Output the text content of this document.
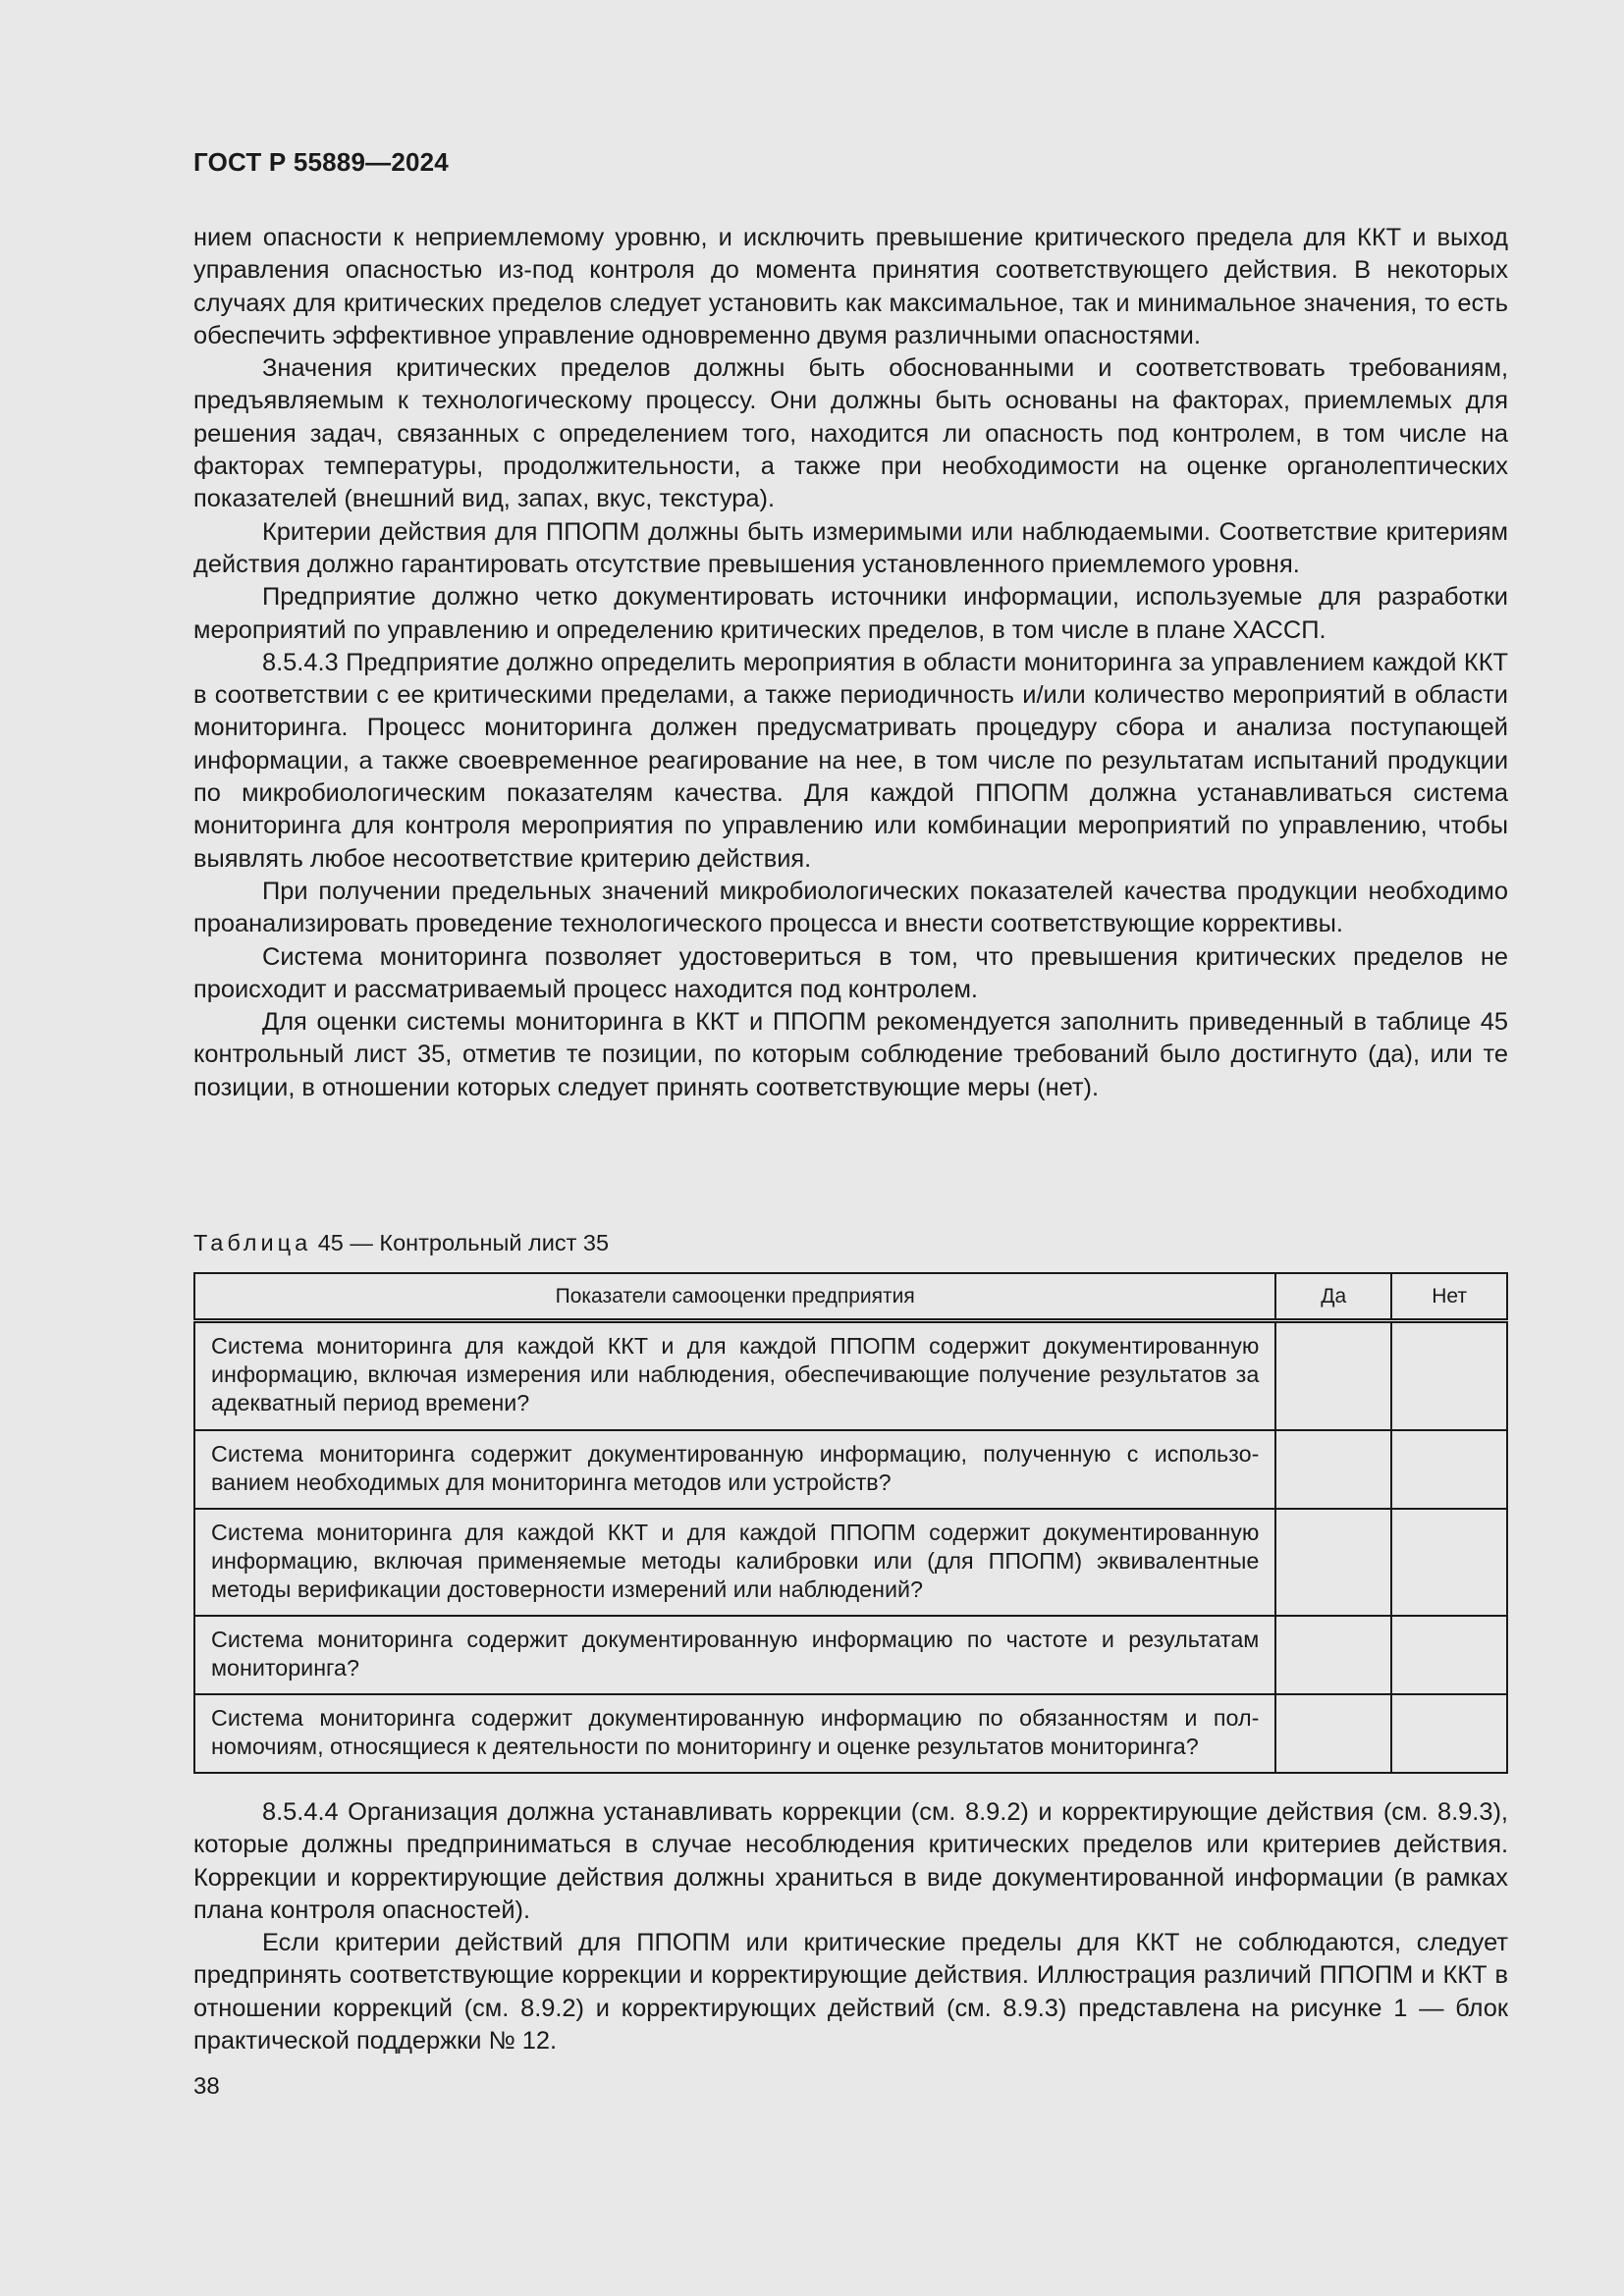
ГОСТ Р 55889—2024

нием опасности к неприемлемому уровню, и исключить превышение критического предела для ККТ и выход управления опасностью из-под контроля до момента принятия соответствующего действия. В некоторых случаях для критических пределов следует установить как максимальное, так и минимальное значения, то есть обеспечить эффективное управление одновременно двумя различными опасностями.

Значения критических пределов должны быть обоснованными и соответствовать требованиям, предъявляемым к технологическому процессу. Они должны быть основаны на факторах, приемлемых для решения задач, связанных с определением того, находится ли опасность под контролем, в том числе на факторах температуры, продолжительности, а также при необходимости на оценке органолептических показателей (внешний вид, запах, вкус, текстура).

Критерии действия для ППОПМ должны быть измеримыми или наблюдаемыми. Соответствие критериям действия должно гарантировать отсутствие превышения установленного приемлемого уровня.

Предприятие должно четко документировать источники информации, используемые для разработки мероприятий по управлению и определению критических пределов, в том числе в плане ХАССП.

8.5.4.3 Предприятие должно определить мероприятия в области мониторинга за управлением каждой ККТ в соответствии с ее критическими пределами, а также периодичность и/или количество мероприятий в области мониторинга. Процесс мониторинга должен предусматривать процедуру сбора и анализа поступающей информации, а также своевременное реагирование на нее, в том числе по результатам испытаний продукции по микробиологическим показателям качества. Для каждой ППОПМ должна устанавливаться система мониторинга для контроля мероприятия по управлению или комбинации мероприятий по управлению, чтобы выявлять любое несоответствие критерию действия.

При получении предельных значений микробиологических показателей качества продукции необходимо проанализировать проведение технологического процесса и внести соответствующие коррективы.

Система мониторинга позволяет удостовериться в том, что превышения критических пределов не происходит и рассматриваемый процесс находится под контролем.

Для оценки системы мониторинга в ККТ и ППОПМ рекомендуется заполнить приведенный в таблице 45 контрольный лист 35, отметив те позиции, по которым соблюдение требований было достигнуто (да), или те позиции, в отношении которых следует принять соответствующие меры (нет).

Таблица 45 — Контрольный лист 35
Показатели самооценки предприятия	Да	Нет
Система мониторинга для каждой ККТ и для каждой ППОПМ содержит документированную информацию, включая измерения или наблюдения, обеспечивающие получение результатов за адекватный период времени?		
Система мониторинга содержит документированную информацию, полученную с использованием необходимых для мониторинга методов или устройств?		
Система мониторинга для каждой ККТ и для каждой ППОПМ содержит документированную информацию, включая применяемые методы калибровки или (для ППОПМ) эквивалентные методы верификации достоверности измерений или наблюдений?		
Система мониторинга содержит документированную информацию по частоте и результатам мониторинга?		
Система мониторинга содержит документированную информацию по обязанностям и полномочиям, относящиеся к деятельности по мониторингу и оценке результатов мониторинга?		

8.5.4.4 Организация должна устанавливать коррекции (см. 8.9.2) и корректирующие действия (см. 8.9.3), которые должны предприниматься в случае несоблюдения критических пределов или критериев действия. Коррекции и корректирующие действия должны храниться в виде документированной информации (в рамках плана контроля опасностей).

Если критерии действий для ППОПМ или критические пределы для ККТ не соблюдаются, следует предпринять соответствующие коррекции и корректирующие действия. Иллюстрация различий ППОПМ и ККТ в отношении коррекций (см. 8.9.2) и корректирующих действий (см. 8.9.3) представлена на рисунке 1 — блок практической поддержки № 12.

38
